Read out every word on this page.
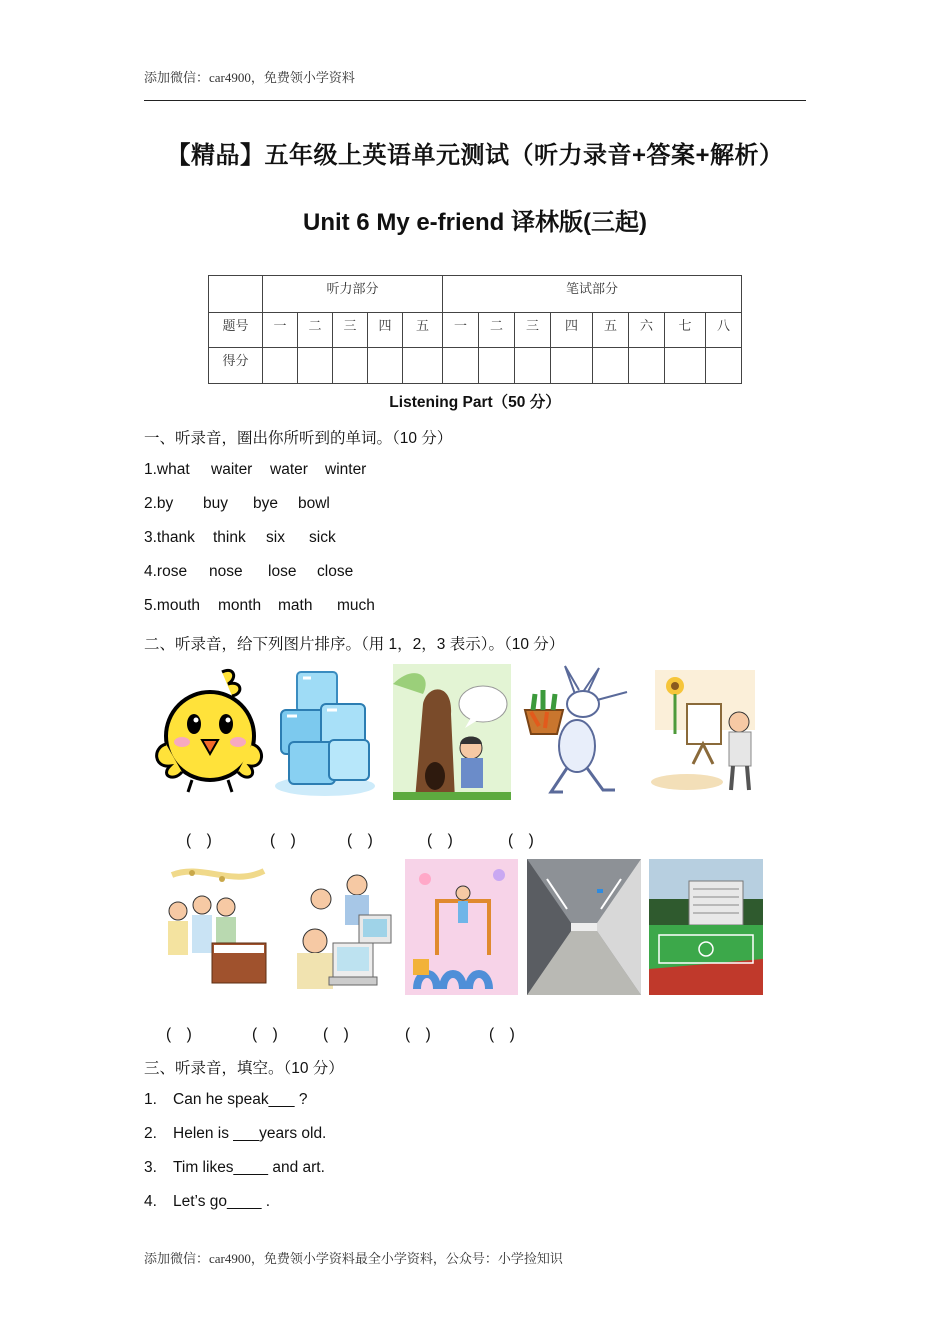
添加微信：car4900，免费领小学资料
【精品】五年级上英语单元测试（听力录音+答案+解析）
Unit 6 My e-friend 译林版(三起)
	听力部分					笔试部分							
题号	一	二	三	四	五	一	二	三	四	五	六	七	八
得分													
Listening Part（50 分）
一、听录音，圈出你所听到的单词。（10 分）
1.what waiter water winter
2.by buy bye bowl
3.thank think six sick
4.rose nose lose close
5.mouth month math much
二、听录音，给下列图片排序。（用 1，2，3 表示）。（10 分）
(　)	(　)	(　)	(　)	(　)
(　)	(　)	(　)	(　)	(　)
三、听录音，填空。（10 分）
1. Can he speak___ ?
2. Helen is ___years old.
3. Tim likes____ and art.
4. Let’s go____ .
添加微信：car4900，免费领小学资料最全小学资料，公众号：小学捡知识
